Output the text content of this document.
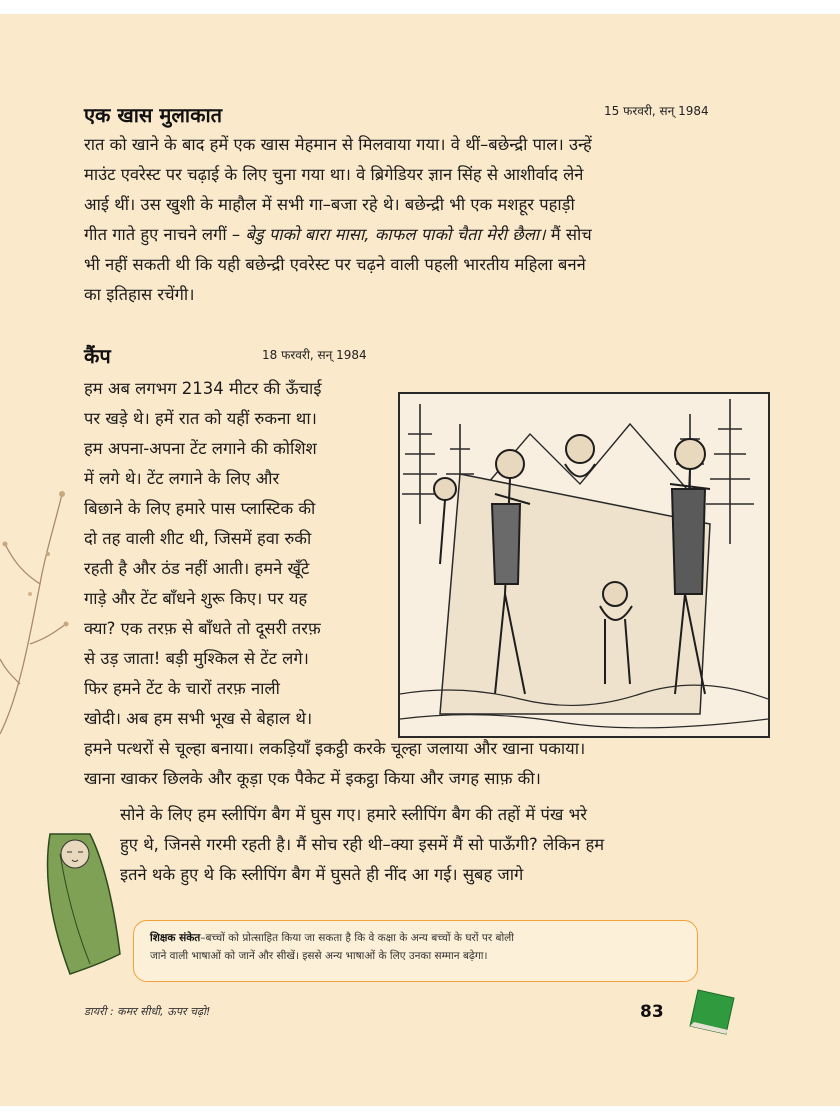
एक खास मुलाकात	15 फरवरी, सन् 1984
रात को खाने के बाद हमें एक खास मेहमान से मिलवाया गया। वे थीं–बछेन्द्री पाल। उन्हें
माउंट एवरेस्ट पर चढ़ाई के लिए चुना गया था। वे ब्रिगेडियर ज्ञान सिंह से आशीर्वाद लेने
आई थीं। उस खुशी के माहौल में सभी गा–बजा रहे थे। बछेन्द्री भी एक मशहूर पहाड़ी
गीत गाते हुए नाचने लगीं – बेडु पाको बारा मासा, काफल पाको चैता मेरी छैला। मैं सोच
भी नहीं सकती थी कि यही बछेन्द्री एवरेस्ट पर चढ़ने वाली पहली भारतीय महिला बनने
का इतिहास रचेंगी।
कैंप	18 फरवरी, सन् 1984
हम अब लगभग 2134 मीटर की ऊँचाई
पर खड़े थे। हमें रात को यहीं रुकना था।
हम अपना-अपना टेंट लगाने की कोशिश
में लगे थे। टेंट लगाने के लिए और
बिछाने के लिए हमारे पास प्लास्टिक की
दो तह वाली शीट थी, जिसमें हवा रुकी
रहती है और ठंड नहीं आती। हमने खूँटे
गाड़े और टेंट बाँधने शुरू किए। पर यह
क्या? एक तरफ़ से बाँधते तो दूसरी तरफ़
से उड़ जाता! बड़ी मुश्किल से टेंट लगे।
फिर हमने टेंट के चारों तरफ़ नाली
खोदी। अब हम सभी भूख से बेहाल थे।
हमने पत्थरों से चूल्हा बनाया। लकड़ियाँ इकट्ठी करके चूल्हा जलाया और खाना पकाया।
खाना खाकर छिलके और कूड़ा एक पैकेट में इकट्ठा किया और जगह साफ़ की।
सोने के लिए हम स्लीपिंग बैग में घुस गए। हमारे स्लीपिंग बैग की तहों में पंख भरे
हुए थे, जिनसे गरमी रहती है। मैं सोच रही थी–क्या इसमें मैं सो पाऊँगी? लेकिन हम
इतने थके हुए थे कि स्लीपिंग बैग में घुसते ही नींद आ गई। सुबह जागे
शिक्षक संकेत–बच्चों को प्रोत्साहित किया जा सकता है कि वे कक्षा के अन्य बच्चों के घरों पर बोली
जाने वाली भाषाओं को जानें और सीखें। इससे अन्य भाषाओं के लिए उनका सम्मान बढ़ेगा।
डायरी : कमर सीधी, ऊपर चढ़ो!	83
